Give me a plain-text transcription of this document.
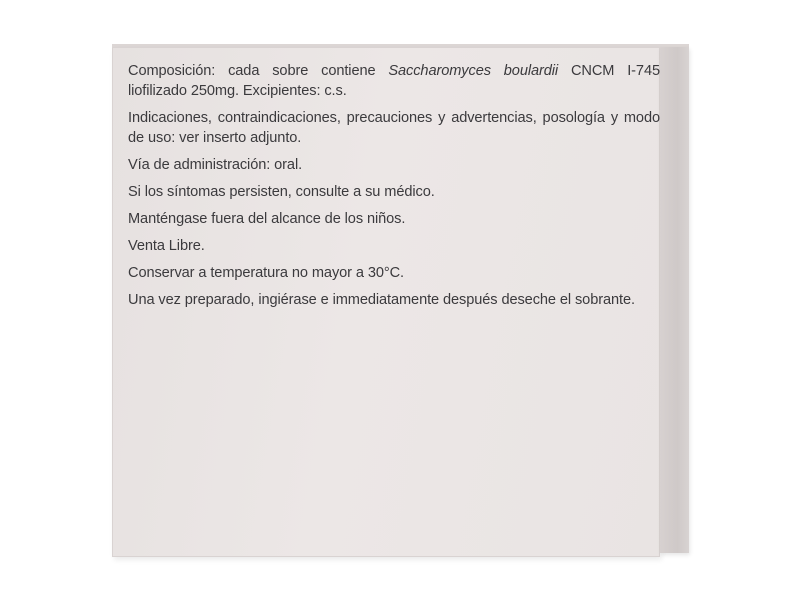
Composición: cada sobre contiene Saccharomyces boulardii CNCM I-745 liofilizado 250mg. Excipientes: c.s.

Indicaciones, contraindicaciones, precauciones y advertencias, posología y modo de uso: ver inserto adjunto.

Vía de administración: oral.

Si los síntomas persisten, consulte a su médico.

Manténgase fuera del alcance de los niños.

Venta Libre.

Conservar a temperatura no mayor a 30°C.

Una vez preparado, ingiérase e immediatamente después deseche el sobrante.
